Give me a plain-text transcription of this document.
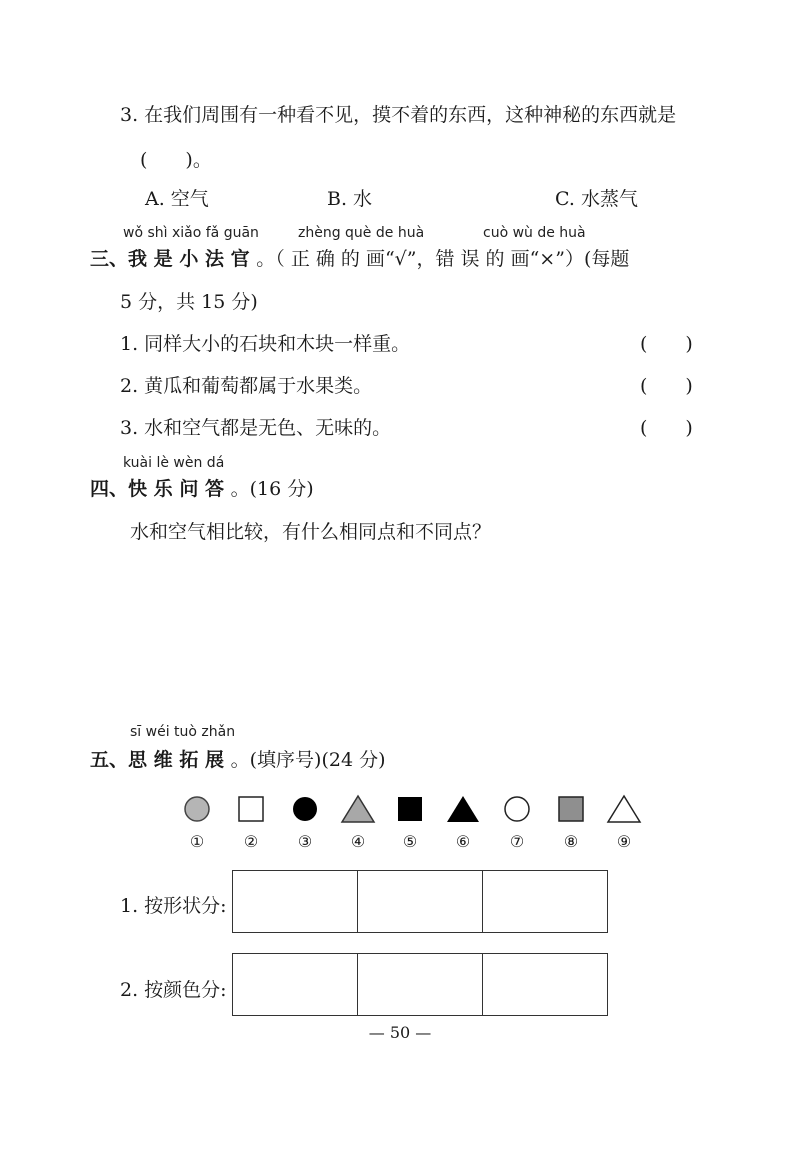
3. 在我们周围有一种看不见，摸不着的东西，这种神秘的东西就是
(　　)。
A. 空气	B. 水	C. 水蒸气
wǒ shì xiǎo fǎ guān	zhèng què de huà	cuò wù de huà
三、我是小法官。（ 正 确 的 画“√”，错 误 的 画“×”）(每题
5 分，共 15 分)
1. 同样大小的石块和木块一样重。	(　　)
2. 黄瓜和葡萄都属于水果类。	(　　)
3. 水和空气都是无色、无味的。	(　　)
kuài lè wèn dá
四、快乐问答。(16 分)
水和空气相比较，有什么相同点和不同点？
sī wéi tuò zhǎn
五、思维拓展。(填序号)(24 分)
①	②	③	④	⑤	⑥	⑦	⑧	⑨
1. 按形状分:
2. 按颜色分:
— 50 —
